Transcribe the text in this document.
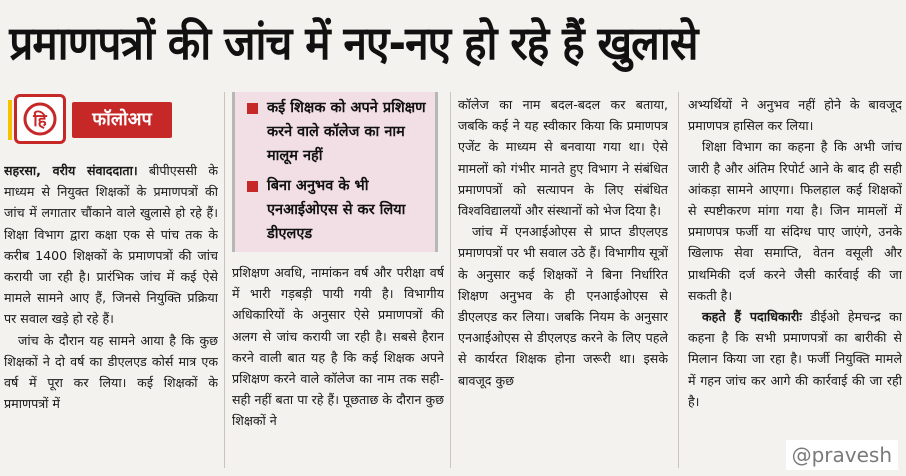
प्रमाणपत्रों की जांच में नए-नए हो रहे हैं खुलासे
हि	फॉलोअप

सहरसा, वरीय संवाददाता। बीपीएससी के माध्यम से नियुक्त शिक्षकों के प्रमाणपत्रों की जांच में लगातार चौंकाने वाले खुलासे हो रहे हैं। शिक्षा विभाग द्वारा कक्षा एक से पांच तक के करीब 1400 शिक्षकों के प्रमाणपत्रों की जांच करायी जा रही है। प्रारंभिक जांच में कई ऐसे मामले सामने आए हैं, जिनसे नियुक्ति प्रक्रिया पर सवाल खड़े हो रहे हैं।

जांच के दौरान यह सामने आया है कि कुछ शिक्षकों ने दो वर्ष का डीएलएड कोर्स मात्र एक वर्ष में पूरा कर लिया। कई शिक्षकों के प्रमाणपत्रों में

कई शिक्षक को अपने प्रशिक्षण करने वाले कॉलेज का नाम मालूम नहीं
बिना अनुभव के भी एनआईओएस से कर लिया डीएलएड

प्रशिक्षण अवधि, नामांकन वर्ष और परीक्षा वर्ष में भारी गड़बड़ी पायी गयी है। विभागीय अधिकारियों के अनुसार ऐसे प्रमाणपत्रों की अलग से जांच करायी जा रही है। सबसे हैरान करने वाली बात यह है कि कई शिक्षक अपने प्रशिक्षण करने वाले कॉलेज का नाम तक सही-सही नहीं बता पा रहे हैं। पूछताछ के दौरान कुछ शिक्षकों ने

कॉलेज का नाम बदल-बदल कर बताया, जबकि कई ने यह स्वीकार किया कि प्रमाणपत्र एजेंट के माध्यम से बनवाया गया था। ऐसे मामलों को गंभीर मानते हुए विभाग ने संबंधित प्रमाणपत्रों को सत्यापन के लिए संबंधित विश्वविद्यालयों और संस्थानों को भेज दिया है।

जांच में एनआईओएस से प्राप्त डीएलएड प्रमाणपत्रों पर भी सवाल उठे हैं। विभागीय सूत्रों के अनुसार कई शिक्षकों ने बिना निर्धारित शिक्षण अनुभव के ही एनआईओएस से डीएलएड कर लिया। जबकि नियम के अनुसार एनआईओएस से डीएलएड करने के लिए पहले से कार्यरत शिक्षक होना जरूरी था। इसके बावजूद कुछ

अभ्यर्थियों ने अनुभव नहीं होने के बावजूद प्रमाणपत्र हासिल कर लिया।

शिक्षा विभाग का कहना है कि अभी जांच जारी है और अंतिम रिपोर्ट आने के बाद ही सही आंकड़ा सामने आएगा। फिलहाल कई शिक्षकों से स्पष्टीकरण मांगा गया है। जिन मामलों में प्रमाणपत्र फर्जी या संदिग्ध पाए जाएंगे, उनके खिलाफ सेवा समाप्ति, वेतन वसूली और प्राथमिकी दर्ज करने जैसी कार्रवाई की जा सकती है।

कहते हैं पदाधिकारीः डीईओ हेमचन्द्र का कहना है कि सभी प्रमाणपत्रों का बारीकी से मिलान किया जा रहा है। फर्जी नियुक्ति मामले में गहन जांच कर आगे की कार्रवाई की जा रही है।

@pravesh
